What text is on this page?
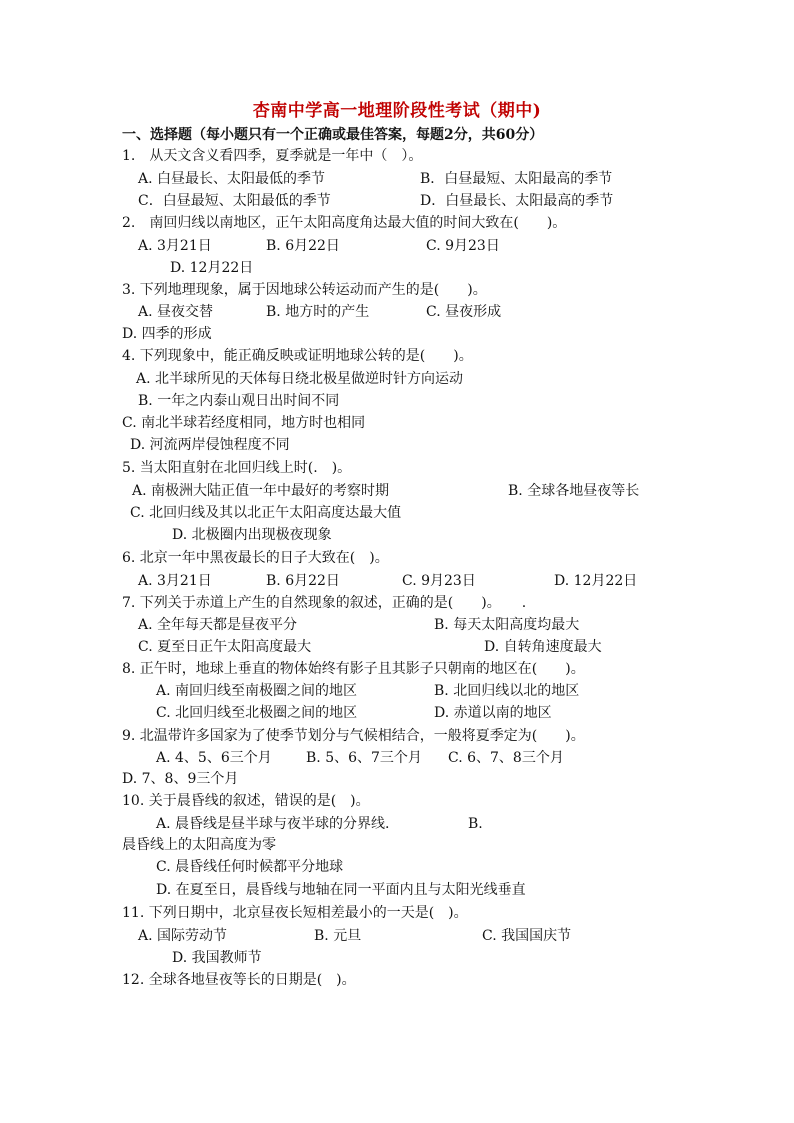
杏南中学高一地理阶段性考试（期中)
一、选择题（每小题只有一个正确或最佳答案，每题2分，共60分）
1.　从天文含义看四季，夏季就是一年中（　）。
A. 白昼最长、太阳最低的季节	B．白昼最短、太阳最高的季节
C．白昼最短、太阳最低的季节	D．白昼最长、太阳最高的季节
2.　南回归线以南地区，正午太阳高度角达最大值的时间大致在(　　)。
A. 3月21日	B. 6月22日	C. 9月23日
D. 12月22日
3. 下列地理现象，属于因地球公转运动而产生的是(　　)。
A. 昼夜交替	B. 地方时的产生	C. 昼夜形成
D. 四季的形成
4. 下列现象中，能正确反映或证明地球公转的是(　　)。
A. 北半球所见的天体每日绕北极星做逆时针方向运动
B. 一年之内泰山观日出时间不同
C. 南北半球若经度相同，地方时也相同
D. 河流两岸侵蚀程度不同
5. 当太阳直射在北回归线上时(.　)。
A. 南极洲大陆正值一年中最好的考察时期	B. 全球各地昼夜等长
C. 北回归线及其以北正午太阳高度达最大值
D. 北极圈内出现极夜现象
6. 北京一年中黑夜最长的日子大致在(　)。
A. 3月21日	B. 6月22日	C. 9月23日	D. 12月22日
7. 下列关于赤道上产生的自然现象的叙述，正确的是(　　)。　　.
A. 全年每天都是昼夜平分	B. 每天太阳高度均最大
C. 夏至日正午太阳高度最大	D. 自转角速度最大
8. 正午时，地球上垂直的物体始终有影子且其影子只朝南的地区在(　　)。
A. 南回归线至南极圈之间的地区	B. 北回归线以北的地区
C. 北回归线至北极圈之间的地区	D. 赤道以南的地区
9. 北温带许多国家为了使季节划分与气候相结合，一般将夏季定为(　　)。
A. 4、5、6三个月 B. 5、6、7三个月 C. 6、7、8三个月
D. 7、8、9三个月
10. 关于晨昏线的叙述，错误的是(　)。
A. 晨昏线是昼半球与夜半球的分界线.	B.
晨昏线上的太阳高度为零
C. 晨昏线任何时候都平分地球
D. 在夏至日，晨昏线与地轴在同一平面内且与太阳光线垂直
11. 下列日期中，北京昼夜长短相差最小的一天是(　)。
A. 国际劳动节	B. 元旦	C. 我国国庆节
D. 我国教师节
12. 全球各地昼夜等长的日期是(　)。
